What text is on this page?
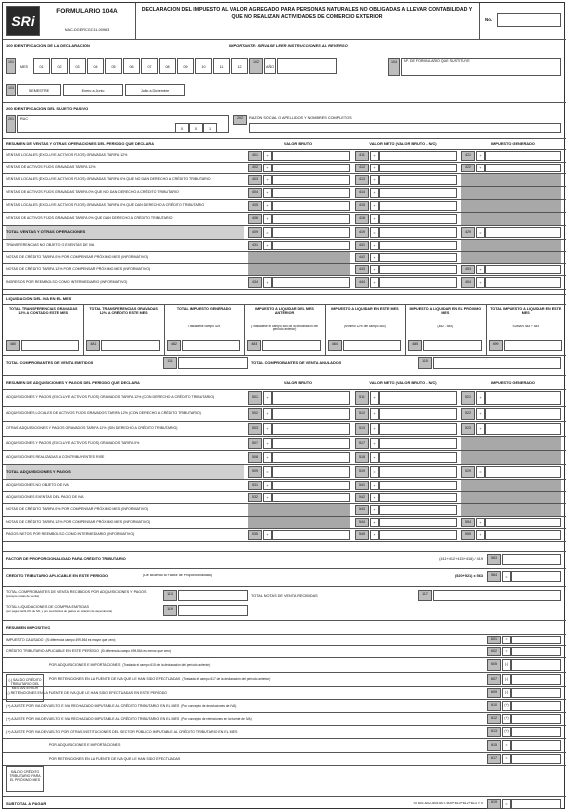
SRi
FORMULARIO 104A
NAC-DGERCGC11-00963
DECLARACIÓN DEL IMPUESTO AL VALOR AGREGADO PARA PERSONAS NATURALES NO OBLIGADAS A LLEVAR CONTABILIDAD Y QUE NO REALIZAN ACTIVIDADES DE COMERCIO EXTERIOR	No.
100 IDENTIFICACIÓN DE LA DECLARACIÓN	IMPORTANTE: SÍRVASE LEER INSTRUCCIONES AL REVERSO
101
MES
102
AÑO
104	Nº. DE FORMULARIO QUE SUSTITUYE
103
SEMESTRE	Enero a Junio	Julio a Diciembre
200 IDENTIFICACIÓN DEL SUJETO PASIVO
201	RUC
0	0	1
202	RAZÓN SOCIAL O APELLIDOS Y NOMBRES COMPLETOS
RESUMEN DE VENTAS Y OTRAS OPERACIONES DEL PERÍODO QUE DECLARA	VALOR BRUTO	VALOR NETO (VALOR BRUTO - N/C)	IMPUESTO GENERADO
LIQUIDACIÓN DEL IVA EN EL MES
TOTAL COMPROBANTES DE VENTA EMITIDOS	111	TOTAL COMPROBANTES DE VENTA ANULADOS	115
RESUMEN DE ADQUISICIONES Y PAGOS DEL PERÍODO QUE DECLARA	VALOR BRUTO	VALOR NETO (VALOR BRUTO - N/C)	IMPUESTO GENERADO
FACTOR DE PROPORCIONALIDAD PARA CRÉDITO TRIBUTARIO	(411+412+415+416) / 419	563
CRÉDITO TRIBUTARIO APLICABLE EN ESTE PERÍODO	(De acuerdo al Factor de Proporcionalidad)	(520+521) x 563	564	=
TOTAL COMPROBANTES DE VENTA RECIBIDOS POR ADQUISICIONES Y PAGOS (excepto notas de venta)	113	TOTAL NOTAS DE VENTA RECIBIDAS	117
TOTAL LIQUIDACIONES DE COMPRA EMITIDAS
(por pagos tarifa 0% de IVA, y por reembolsos de gastos en relación de dependencia)	119
RESUMEN IMPOSITIVO
(-) SALDO CRÉDITO TRIBUTARIO DEL MES ANTERIOR
SALDO CRÉDITO TRIBUTARIO PARA EL PRÓXIMO MES
SUBTOTAL A PAGAR	SI 601-602-605-607-609+610+612+613 > 0	619	=
01	02	03	04	05	06	07	08	09	10	11	12
VENTAS LOCALES (EXCLUYE ACTIVOS FIJOS) GRAVADAS TARIFA 12%	401	+	411	+	421	+
VENTAS DE ACTIVOS FIJOS GRAVADAS TARIFA 12%	402	+	412	+	422	+
VENTAS LOCALES (EXCLUYE ACTIVOS FIJOS) GRAVADAS TARIFA 0% QUE NO DAN DERECHO A CRÉDITO TRIBUTARIO	403	+	413	+
VENTAS DE ACTIVOS FIJOS GRAVADAS TARIFA 0% QUE NO DAN DERECHO A CRÉDITO TRIBUTARIO	404	+	414	+
VENTAS LOCALES (EXCLUYE ACTIVOS FIJOS) GRAVADAS TARIFA 0% QUE DAN DERECHO A CRÉDITO TRIBUTARIO	405	+	415	+
VENTAS DE ACTIVOS FIJOS GRAVADAS TARIFA 0% QUE DAN DERECHO A CRÉDITO TRIBUTARIO	406	+	416	+
TOTAL VENTAS Y OTRAS OPERACIONES	409	=	419	=	429	=
TRANSFERENCIAS NO OBJETO O EXENTAS DE IVA	431	+	441	+
NOTAS DE CRÉDITO TARIFA 0% POR COMPENSAR PRÓXIMO MES (INFORMATIVO)	442	+
NOTAS DE CRÉDITO TARIFA 12% POR COMPENSAR PRÓXIMO MES (INFORMATIVO)	443	+	453	+
INGRESOS POR REEMBOLSO COMO INTERMEDIARIO (INFORMATIVO)	434	+	444	+	454	+
ADQUISICIONES Y PAGOS (EXCLUYE ACTIVOS FIJOS) GRAVADOS TARIFA 12% (CON DERECHO A CRÉDITO TRIBUTARIO)	501	+	511	+	521	+
ADQUISICIONES LOCALES DE ACTIVOS FIJOS GRAVADOS TARIFA 12% (CON DERECHO A CRÉDITO TRIBUTARIO)	502	+	512	+	522	+
OTRAS ADQUISICIONES Y PAGOS GRAVADOS TARIFA 12% (SIN DERECHO A CRÉDITO TRIBUTARIO)	503	+	513	+	523	+
ADQUISICIONES Y PAGOS (EXCLUYE ACTIVOS FIJOS) GRAVADOS TARIFA 0%	507	+	517	+
ADQUISICIONES REALIZADAS A CONTRIBUYENTES RISE	508	+	518	+
TOTAL ADQUISICIONES Y PAGOS	509	=	519	=	529	=
ADQUISICIONES NO OBJETO DE IVA	531	+	541	+
ADQUISICIONES EXENTAS DEL PAGO DE IVA	532	+	542	+
NOTAS DE CRÉDITO TARIFA 0% POR COMPENSAR PRÓXIMO MES (INFORMATIVO)	543	+
NOTAS DE CRÉDITO TARIFA 12% POR COMPENSAR PRÓXIMO MES (INFORMATIVO)	544	+	554	+
PAGOS NETOS POR REEMBOLSO COMO INTERMEDIARIO (INFORMATIVO)	535	+	545	+	555	+
TOTAL TRANSFERENCIAS GRAVADAS 12% A CONTADO ESTE MES
480
TOTAL TRANSFERENCIAS GRAVADAS 12% A CRÉDITO ESTE MES
481
TOTAL IMPUESTO GENERADO
Trasládese campo 429
482
IMPUESTO A LIQUIDAR DEL MES ANTERIOR
(Trasládese el campo 485 de la declaración del período anterior)
483
IMPUESTO A LIQUIDAR EN ESTE MES
(Mínimo 12% del campo 480)
484
IMPUESTO A LIQUIDAR EN EL PRÓXIMO MES
(482 - 484)
485
TOTAL IMPUESTO A LIQUIDAR EN ESTE MES
SUMAR 483 + 484
499
IMPUESTO CAUSADO (Si diferencia campo 499-564 es mayor que cero)	601	=
CRÉDITO TRIBUTARIO APLICABLE EN ESTE PERÍODO (Si diferencia campo 499-564 es menor que cero)	602	=
POR ADQUISICIONES E IMPORTACIONES (Traslada el campo 615 de la declaración del período anterior)	605	(-)
POR RETENCIONES EN LA FUENTE DE IVA QUE LE HAN SIDO EFECTUADAS (Traslada el campo 617 de la declaración del período anterior)	607	(-)
(-) RETENCIONES EN LA FUENTE DE IVA QUE LE HAN SIDO EFECTUADAS EN ESTE PERÍODO	609	(-)
(+) AJUSTE POR IVA DEVUELTO E IVA RECHAZADO IMPUTABLE AL CRÉDITO TRIBUTARIO EN EL MES (Por concepto de devoluciones de IVA)	610	(+)
(+) AJUSTE POR IVA DEVUELTO E IVA RECHAZADO IMPUTABLE AL CRÉDITO TRIBUTARIO EN EL MES (Por concepto de retenciones en la fuente de IVA)	612	(+)
(+) AJUSTE POR IVA DEVUELTO POR OTRAS INSTITUCIONES DEL SECTOR PÚBLICO IMPUTABLE AL CRÉDITO TRIBUTARIO EN EL MES	613	(+)
POR ADQUISICIONES E IMPORTACIONES	615	=
POR RETENCIONES EN LA FUENTE DE IVA QUE LE HAN SIDO EFECTUADAS	617	=
